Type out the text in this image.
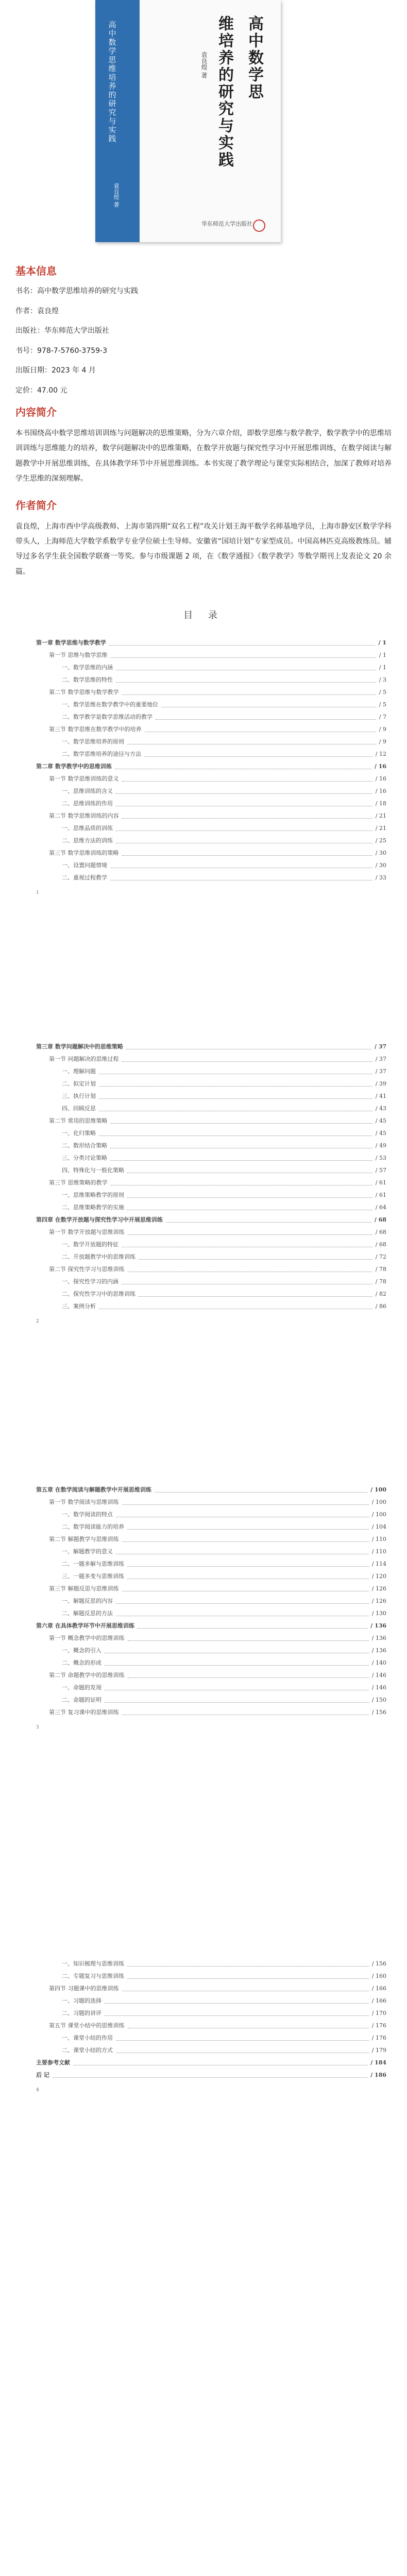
高中数学思维培养的研究与实践
袁良煌 著
高中数学思
维培养的研究与实践
袁良煌 著
华东师范大学出版社
基本信息

书名：高中数学思维培养的研究与实践

作者：袁良煌

出版社：华东师范大学出版社

书号：978-7-5760-3759-3

出版日期：2023 年 4 月

定价：47.00 元

内容简介
本书围绕高中数学思维培训训练与问题解决的思维策略，分为六章介绍，即数学思维与数学教学，数学教学中的思维培训训练与思维能力的培养，数学问题解决中的思维策略，在数学开放题与探究性学习中开展思维训练，在数学阅读与解题教学中开展思维训练，在具体教学环节中开展思维训练。本书实现了教学理论与课堂实际相结合，加深了教师对培养学生思维的深刻理解。
作者简介
袁良煌，上海市西中学高级教师、上海市第四期“双名工程”攻关计划王海平数学名师基地学员，上海市静安区数学学科带头人，上海师范大学数学系数学专业学位硕士生导师。安徽省“国培计划”专家型成员。中国高林匹克高级教练员。辅导过多名学生获全国数学联赛一等奖。参与市级课题 2 项，在《数学通报》《数学教学》等数学期刊上发表论文 20 余篇。
目 录
第一章 数学思维与数学教学	/ 1
第一节 思维与数学思维	/ 1
一、数学思维的内涵	/ 1
二、数学思维的特性	/ 3
第二节 数学思维与数学教学	/ 5
一、数学思维在数学教学中的重要地位	/ 5
二、数学教学是数学思维活动的教学	/ 7
第三节 数学思维在数学教学中的培养	/ 9
一、数学思维培养的原则	/ 9
二、数学思维培养的途径与方法	/ 12
第二章 数学教学中的思维训练	/ 16
第一节 数学思维训练的意义	/ 16
一、思维训练的含义	/ 16
二、思维训练的作用	/ 18
第二节 数学思维训练的内容	/ 21
一、思维品质的训练	/ 21
二、思维方法的训练	/ 25
第三节 数学思维训练的策略	/ 30
一、设置问题情境	/ 30
二、重视过程教学	/ 33
1
第三章 数学问题解决中的思维策略	/ 37
第一节 问题解决的思维过程	/ 37
一、理解问题	/ 37
二、拟定计划	/ 39
三、执行计划	/ 41
四、回顾反思	/ 43
第二节 常用的思维策略	/ 45
一、化归策略	/ 45
二、数形结合策略	/ 49
三、分类讨论策略	/ 53
四、特殊化与一般化策略	/ 57
第三节 思维策略的教学	/ 61
一、思维策略教学的原则	/ 61
二、思维策略教学的实施	/ 64
第四章 在数学开放题与探究性学习中开展思维训练	/ 68
第一节 数学开放题与思维训练	/ 68
一、数学开放题的特征	/ 68
二、开放题教学中的思维训练	/ 72
第二节 探究性学习与思维训练	/ 78
一、探究性学习的内涵	/ 78
二、探究性学习中的思维训练	/ 82
三、案例分析	/ 86
2
第五章 在数学阅读与解题教学中开展思维训练	/ 100
第一节 数学阅读与思维训练	/ 100
一、数学阅读的特点	/ 100
二、数学阅读能力的培养	/ 104
第二节 解题教学与思维训练	/ 110
一、解题教学的意义	/ 110
二、一题多解与思维训练	/ 114
三、一题多变与思维训练	/ 120
第三节 解题反思与思维训练	/ 126
一、解题反思的内容	/ 126
二、解题反思的方法	/ 130
第六章 在具体教学环节中开展思维训练	/ 136
第一节 概念教学中的思维训练	/ 136
一、概念的引入	/ 136
二、概念的形成	/ 140
第二节 命题教学中的思维训练	/ 146
一、命题的发现	/ 146
二、命题的证明	/ 150
第三节 复习课中的思维训练	/ 156
3
一、知识梳理与思维训练	/ 156
二、专题复习与思维训练	/ 160
第四节 习题课中的思维训练	/ 166
一、习题的选择	/ 166
二、习题的讲评	/ 170
第五节 课堂小结中的思维训练	/ 176
一、课堂小结的作用	/ 176
二、课堂小结的方式	/ 179
主要参考文献	/ 184
后 记	/ 186
4
